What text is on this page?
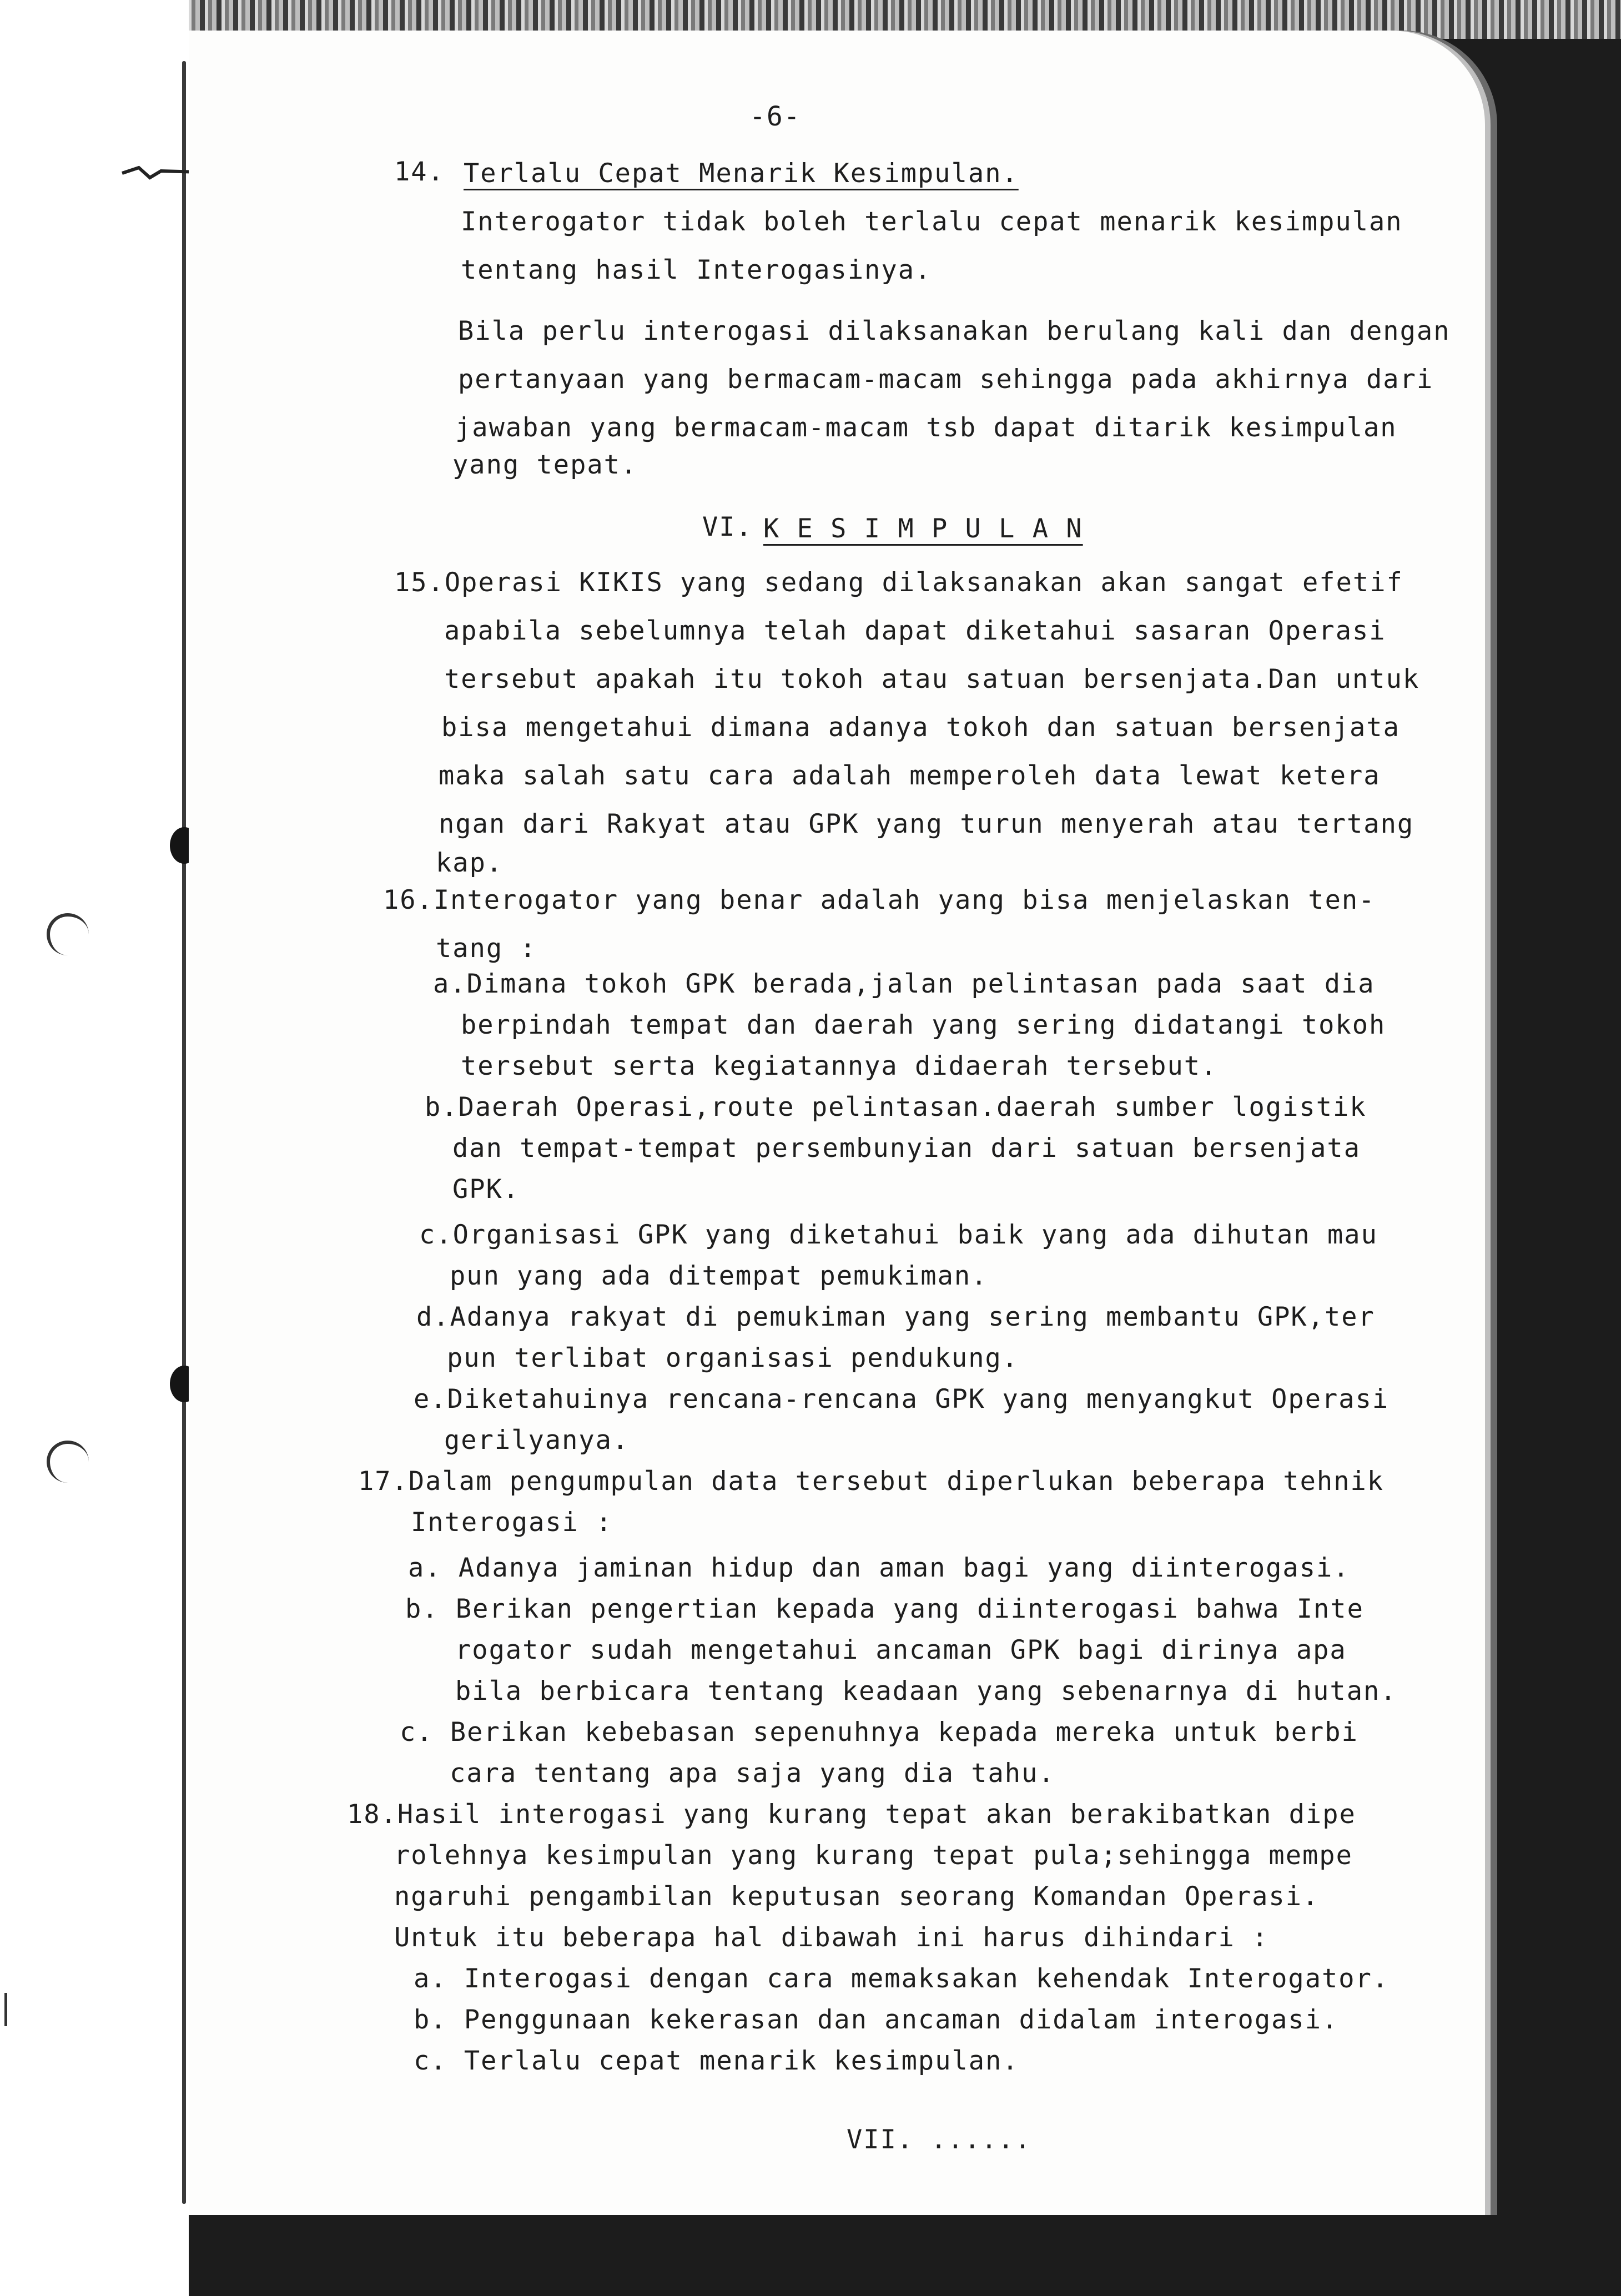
-6-
14. Terlalu Cepat Menarik Kesimpulan.
Interogator tidak boleh terlalu cepat menarik kesimpulan
tentang hasil Interogasinya.
Bila perlu interogasi dilaksanakan berulang kali dan dengan
pertanyaan yang bermacam-macam sehingga pada akhirnya dari
jawaban yang bermacam-macam tsb dapat ditarik kesimpulan
yang tepat.
VI. K E S I M P U L A N
15.Operasi KIKIS yang sedang dilaksanakan akan sangat efetif
apabila sebelumnya telah dapat diketahui sasaran Operasi
tersebut apakah itu tokoh atau satuan bersenjata.Dan untuk
bisa mengetahui dimana adanya tokoh dan satuan bersenjata
maka salah satu cara adalah memperoleh data lewat ketera
ngan dari Rakyat atau GPK yang turun menyerah atau tertang
kap.
16.Interogator yang benar adalah yang bisa menjelaskan ten-
tang :
a.Dimana tokoh GPK berada,jalan pelintasan pada saat dia
berpindah tempat dan daerah yang sering didatangi tokoh
tersebut serta kegiatannya didaerah tersebut.
b.Daerah Operasi,route pelintasan.daerah sumber logistik
dan tempat-tempat persembunyian dari satuan bersenjata
GPK.
c.Organisasi GPK yang diketahui baik yang ada dihutan mau
pun yang ada ditempat pemukiman.
d.Adanya rakyat di pemukiman yang sering membantu GPK,ter
pun terlibat organisasi pendukung.
e.Diketahuinya rencana-rencana GPK yang menyangkut Operasi
gerilyanya.
17.Dalam pengumpulan data tersebut diperlukan beberapa tehnik
Interogasi :
a. Adanya jaminan hidup dan aman bagi yang diinterogasi.
b. Berikan pengertian kepada yang diinterogasi bahwa Inte
rogator sudah mengetahui ancaman GPK bagi dirinya apa
bila berbicara tentang keadaan yang sebenarnya di hutan.
c. Berikan kebebasan sepenuhnya kepada mereka untuk berbi
cara tentang apa saja yang dia tahu.
18.Hasil interogasi yang kurang tepat akan berakibatkan dipe
rolehnya kesimpulan yang kurang tepat pula;sehingga mempe
ngaruhi pengambilan keputusan seorang Komandan Operasi.
Untuk itu beberapa hal dibawah ini harus dihindari :
a. Interogasi dengan cara memaksakan kehendak Interogator.
b. Penggunaan kekerasan dan ancaman didalam interogasi.
c. Terlalu cepat menarik kesimpulan.
VII. ......
